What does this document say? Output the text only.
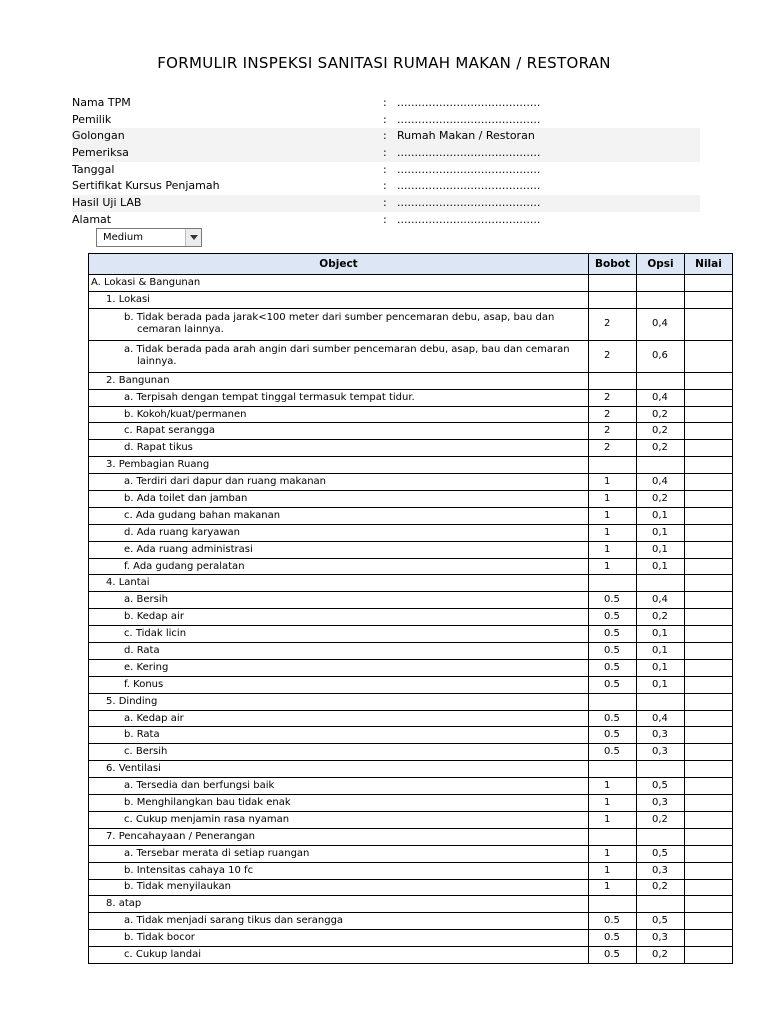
FORMULIR INSPEKSI SANITASI RUMAH MAKAN / RESTORAN
Nama TPM	: .........................................
Pemilik	: .........................................
Golongan	: Rumah Makan / Restoran
Pemeriksa	: .........................................
Tanggal	: .........................................
Sertifikat Kursus Penjamah	: .........................................
Hasil Uji LAB	: .........................................
Alamat	: .........................................
Medium
Object	Bobot	Opsi	Nilai
A. Lokasi & Bangunan			
1. Lokasi			

b. Tidak berada pada jarak<100 meter dari sumber pencemaran debu, asap, bau dan cemaran lainnya.	2	0,4	

a. Tidak berada pada arah angin dari sumber pencemaran debu, asap, bau dan cemaran lainnya.	2	0,6	
2. Bangunan			

a. Terpisah dengan tempat tinggal termasuk tempat tidur.	2	0,4	

b. Kokoh/kuat/permanen	2	0,2	

c. Rapat serangga	2	0,2	

d. Rapat tikus	2	0,2	
3. Pembagian Ruang			

a. Terdiri dari dapur dan ruang makanan	1	0,4	

b. Ada toilet dan jamban	1	0,2	

c. Ada gudang bahan makanan	1	0,1	

d. Ada ruang karyawan	1	0,1	

e. Ada ruang administrasi	1	0,1	

f. Ada gudang peralatan	1	0,1	
4. Lantai			

a. Bersih	0.5	0,4	

b. Kedap air	0.5	0,2	

c. Tidak licin	0.5	0,1	

d. Rata	0.5	0,1	

e. Kering	0.5	0,1	

f. Konus	0.5	0,1	
5. Dinding			

a. Kedap air	0.5	0,4	

b. Rata	0.5	0,3	

c. Bersih	0.5	0,3	
6. Ventilasi			

a. Tersedia dan berfungsi baik	1	0,5	

b. Menghilangkan bau tidak enak	1	0,3	

c. Cukup menjamin rasa nyaman	1	0,2	
7. Pencahayaan / Penerangan			

a. Tersebar merata di setiap ruangan	1	0,5	

b. Intensitas cahaya 10 fc	1	0,3	

b. Tidak menyilaukan	1	0,2	
8. atap			

a. Tidak menjadi sarang tikus dan serangga	0.5	0,5	

b. Tidak bocor	0.5	0,3	

c. Cukup landai	0.5	0,2	
